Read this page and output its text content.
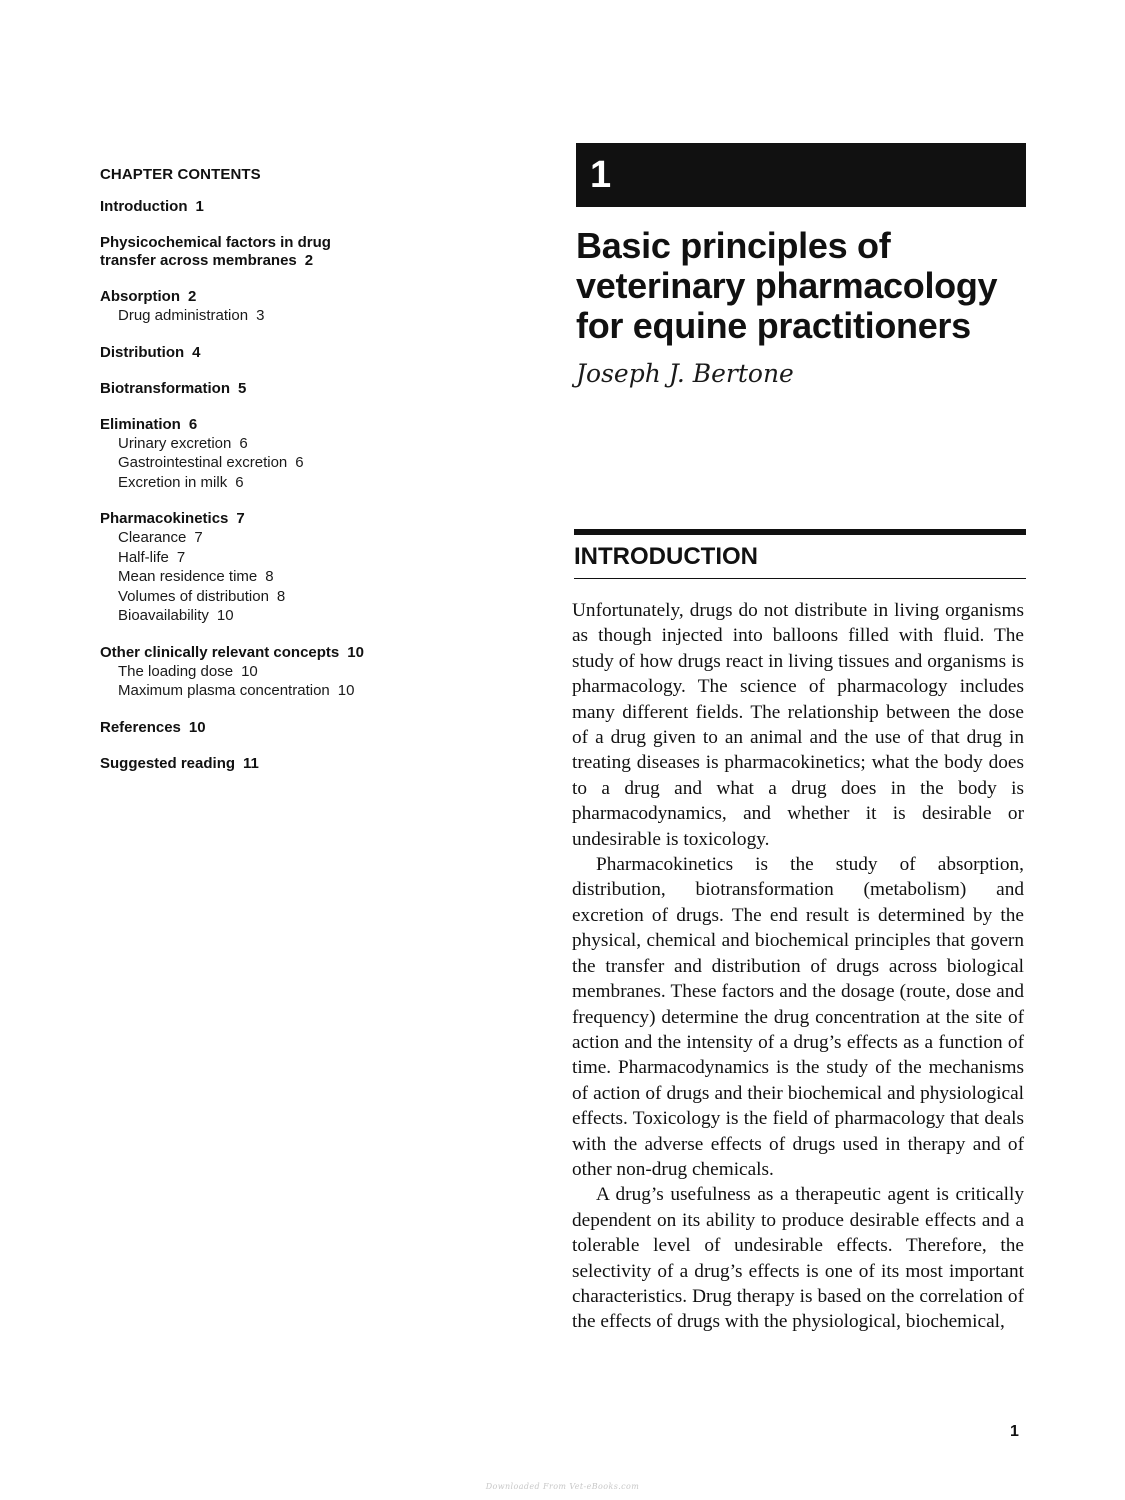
CHAPTER CONTENTS
Introduction 1
Physicochemical factors in drug
transfer across membranes 2
Absorption 2
Drug administration 3
Distribution 4
Biotransformation 5
Elimination 6
Urinary excretion 6
Gastrointestinal excretion 6
Excretion in milk 6
Pharmacokinetics 7
Clearance 7
Half-life 7
Mean residence time 8
Volumes of distribution 8
Bioavailability 10
Other clinically relevant concepts 10
The loading dose 10
Maximum plasma concentration 10
References 10
Suggested reading 11
1
Basic principles of
veterinary pharmacology
for equine practitioners
Joseph J. Bertone
INTRODUCTION

Unfortunately, drugs do not distribute in living organisms as though injected into balloons filled with fluid. The study of how drugs react in living tissues and organisms is pharmacology. The science of pharmacology includes many different fields. The relationship between the dose of a drug given to an animal and the use of that drug in treating diseases is pharmacokinetics; what the body does to a drug and what a drug does in the body is pharmacodynamics, and whether it is desirable or undesirable is toxicology.

Pharmacokinetics is the study of absorption, distribution, biotransformation (metabolism) and excretion of drugs. The end result is determined by the physical, chemical and biochemical principles that govern the transfer and distribution of drugs across biological membranes. These factors and the dosage (route, dose and frequency) determine the drug concentration at the site of action and the intensity of a drug’s effects as a function of time. Pharmacodynamics is the study of the mechanisms of action of drugs and their biochemical and physiological effects. Toxicology is the field of pharmacology that deals with the adverse effects of drugs used in therapy and of other non-drug chemicals.

A drug’s usefulness as a therapeutic agent is critically dependent on its ability to produce desirable effects and a tolerable level of undesirable effects. Therefore, the selectivity of a drug’s effects is one of its most important characteristics. Drug therapy is based on the correlation of the effects of drugs with the physiological, biochemical,

1
Downloaded From Vet-eBooks.com
